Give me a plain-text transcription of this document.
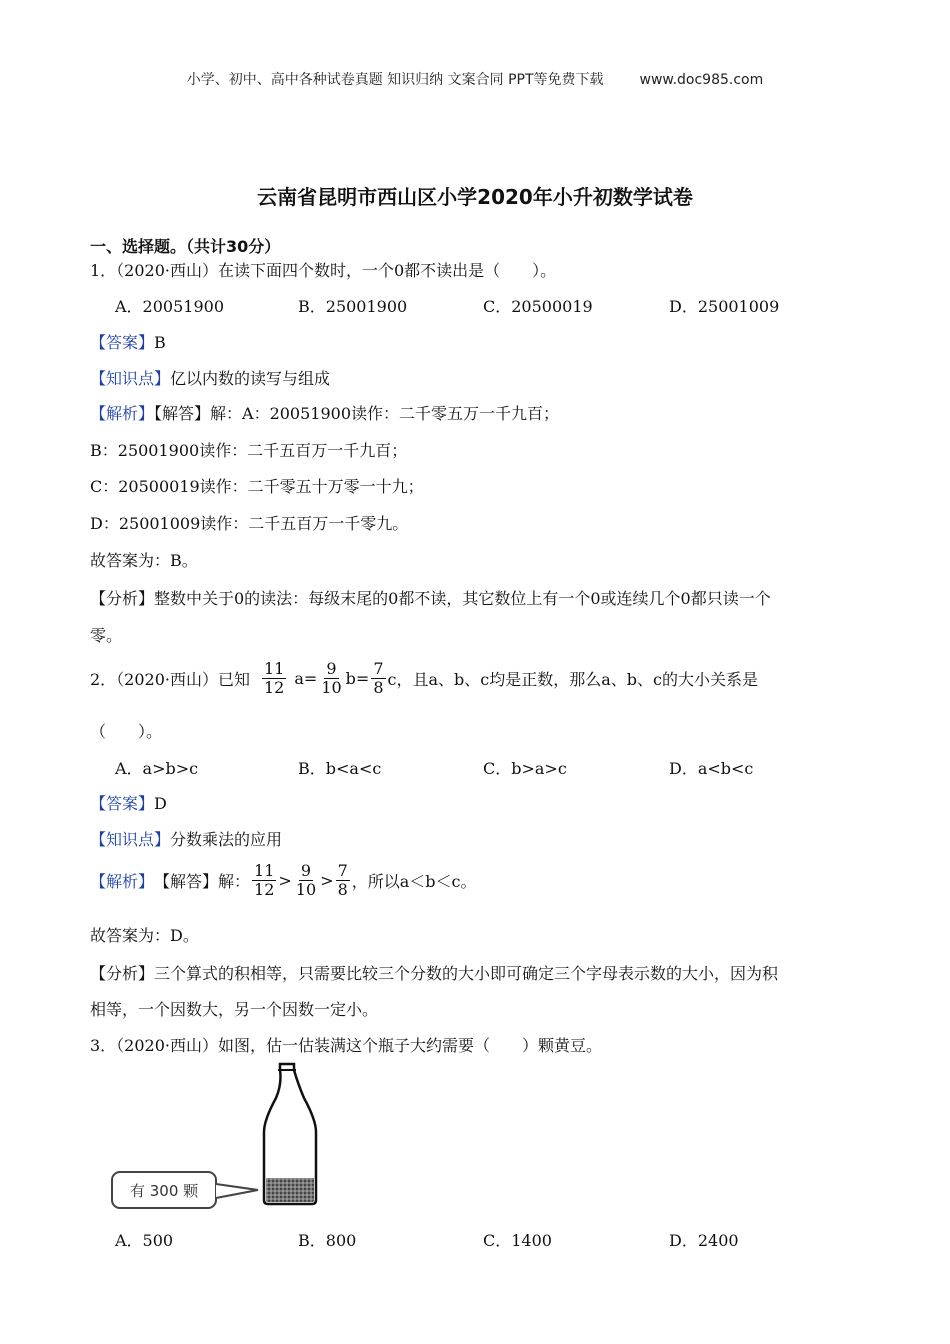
小学、初中、高中各种试卷真题 知识归纳 文案合同 PPT等免费下载	www.doc985.com
云南省昆明市西山区小学2020年小升初数学试卷
一、选择题。（共计30分）
1．（2020·西山）在读下面四个数时，一个0都不读出是（　　）。
A．20051900	B．25001900	C．20500019	D．25001009
【答案】B
【知识点】亿以内数的读写与组成
【解析】【解答】解：A：20051900读作：二千零五万一千九百；
B：25001900读作：二千五百万一千九百；
C：20500019读作：二千零五十万零一十九；
D：25001009读作：二千五百万一千零九。
故答案为：B。
【分析】整数中关于0的读法：每级末尾的0都不读，其它数位上有一个0或连续几个0都只读一个
零。
2．（2020·西山）已知 $\frac{11}{12} a= \frac{9}{10} b= \frac{7}{8}$ c，且a、b、c均是正数，那么a、b、c的大小关系是
（　　）。
A．a>b>c	B．b<a<c	C．b>a>c	D．a<b<c
【答案】D
【知识点】分数乘法的应用
【解析】 【解答】解： $\frac{11}{12} > \frac{9}{10} > \frac{7}{8}$ ，所以a＜b＜c。
故答案为：D。
【分析】三个算式的积相等，只需要比较三个分数的大小即可确定三个字母表示数的大小，因为积
相等，一个因数大，另一个因数一定小。
3．（2020·西山）如图，估一估装满这个瓶子大约需要（　　）颗黄豆。
有 300 颗
A．500	B．800	C．1400	D．2400
